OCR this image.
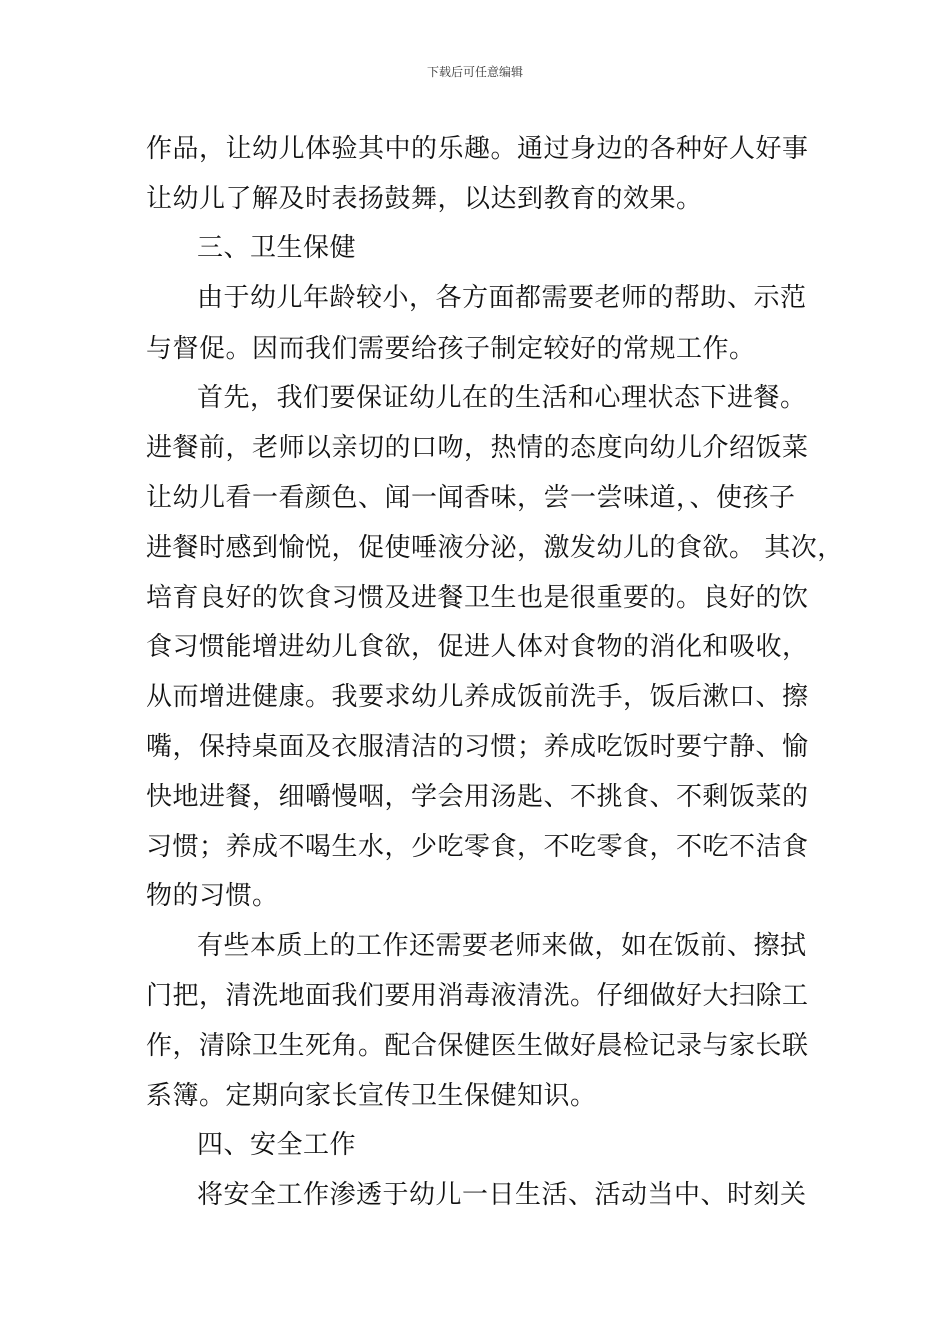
下载后可任意编辑
作品，让幼儿体验其中的乐趣。通过身边的各种好人好事
让幼儿了解及时表扬鼓舞，以达到教育的效果。
三、卫生保健
由于幼儿年龄较小，各方面都需要老师的帮助、示范
与督促。因而我们需要给孩子制定较好的常规工作。
首先，我们要保证幼儿在的生活和心理状态下进餐。
进餐前，老师以亲切的口吻，热情的态度向幼儿介绍饭菜
让幼儿看一看颜色、闻一闻香味，尝一尝味道，、使孩子
进餐时感到愉悦，促使唾液分泌，激发幼儿的食欲。 其次，
培育良好的饮食习惯及进餐卫生也是很重要的。良好的饮
食习惯能增进幼儿食欲，促进人体对食物的消化和吸收，
从而增进健康。我要求幼儿养成饭前洗手，饭后漱口、擦
嘴，保持桌面及衣服清洁的习惯；养成吃饭时要宁静、愉
快地进餐，细嚼慢咽，学会用汤匙、不挑食、不剩饭菜的
习惯；养成不喝生水，少吃零食，不吃零食，不吃不洁食
物的习惯。
有些本质上的工作还需要老师来做，如在饭前、擦拭
门把，清洗地面我们要用消毒液清洗。仔细做好大扫除工
作，清除卫生死角。配合保健医生做好晨检记录与家长联
系簿。定期向家长宣传卫生保健知识。
四、安全工作
将安全工作渗透于幼儿一日生活、活动当中、时刻关
